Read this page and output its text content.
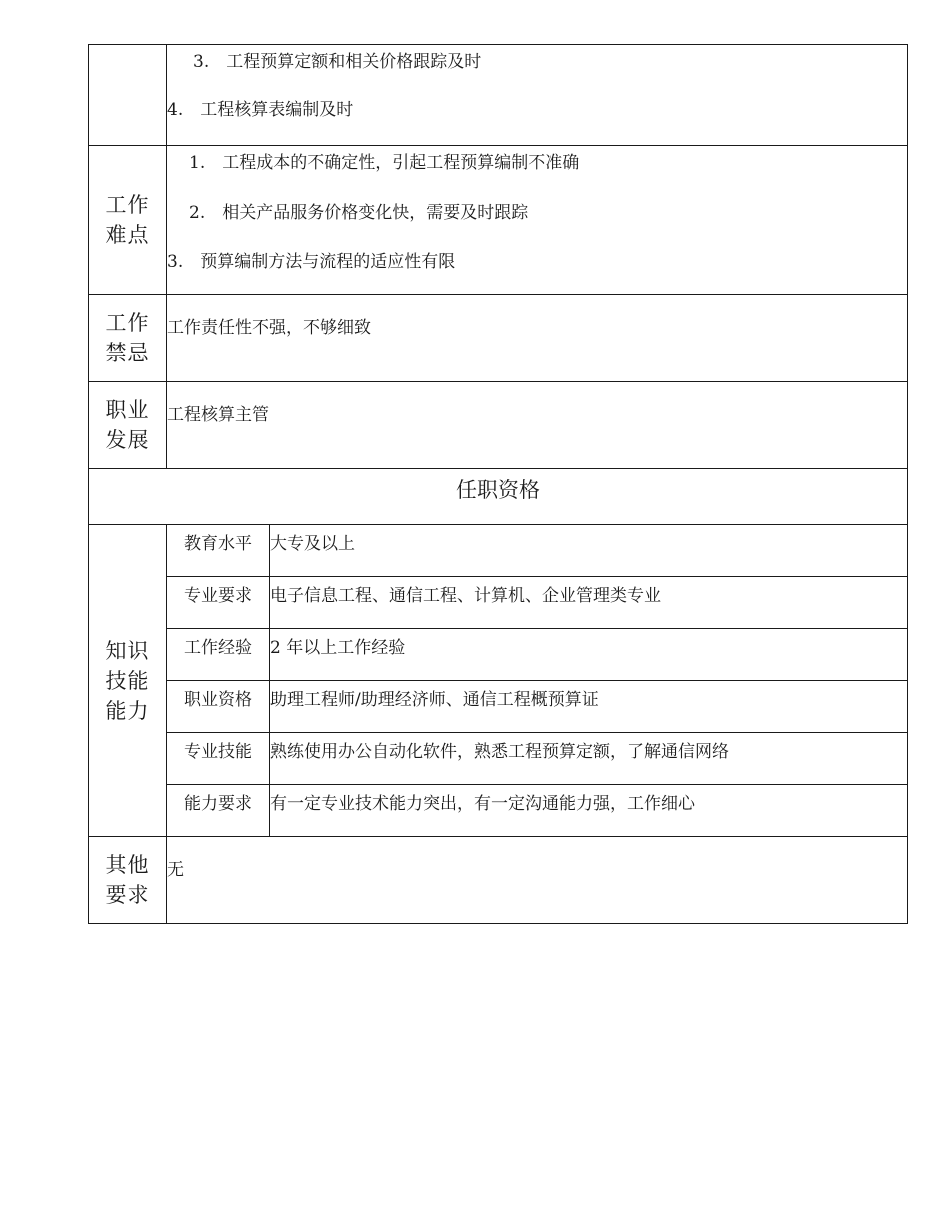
	3.　工程预算定额和相关价格跟踪及时
4.　工程核算表编制及时	

工作
难点	1.　工程成本的不确定性，引起工程预算编制不准确
2.　相关产品服务价格变化快，需要及时跟踪
3.　预算编制方法与流程的适应性有限	

工作
禁忌	工作责任性不强，不够细致	

职业
发展	工程核算主管	

任职资格		

知识
技能
能力	教育水平	大专及以上
	专业要求	电子信息工程、通信工程、计算机、企业管理类专业
	工作经验	2 年以上工作经验
	职业资格	助理工程师/助理经济师、通信工程概预算证
	专业技能	熟练使用办公自动化软件，熟悉工程预算定额，了解通信网络
	能力要求	有一定专业技术能力突出，有一定沟通能力强，工作细心

其他
要求	无	
